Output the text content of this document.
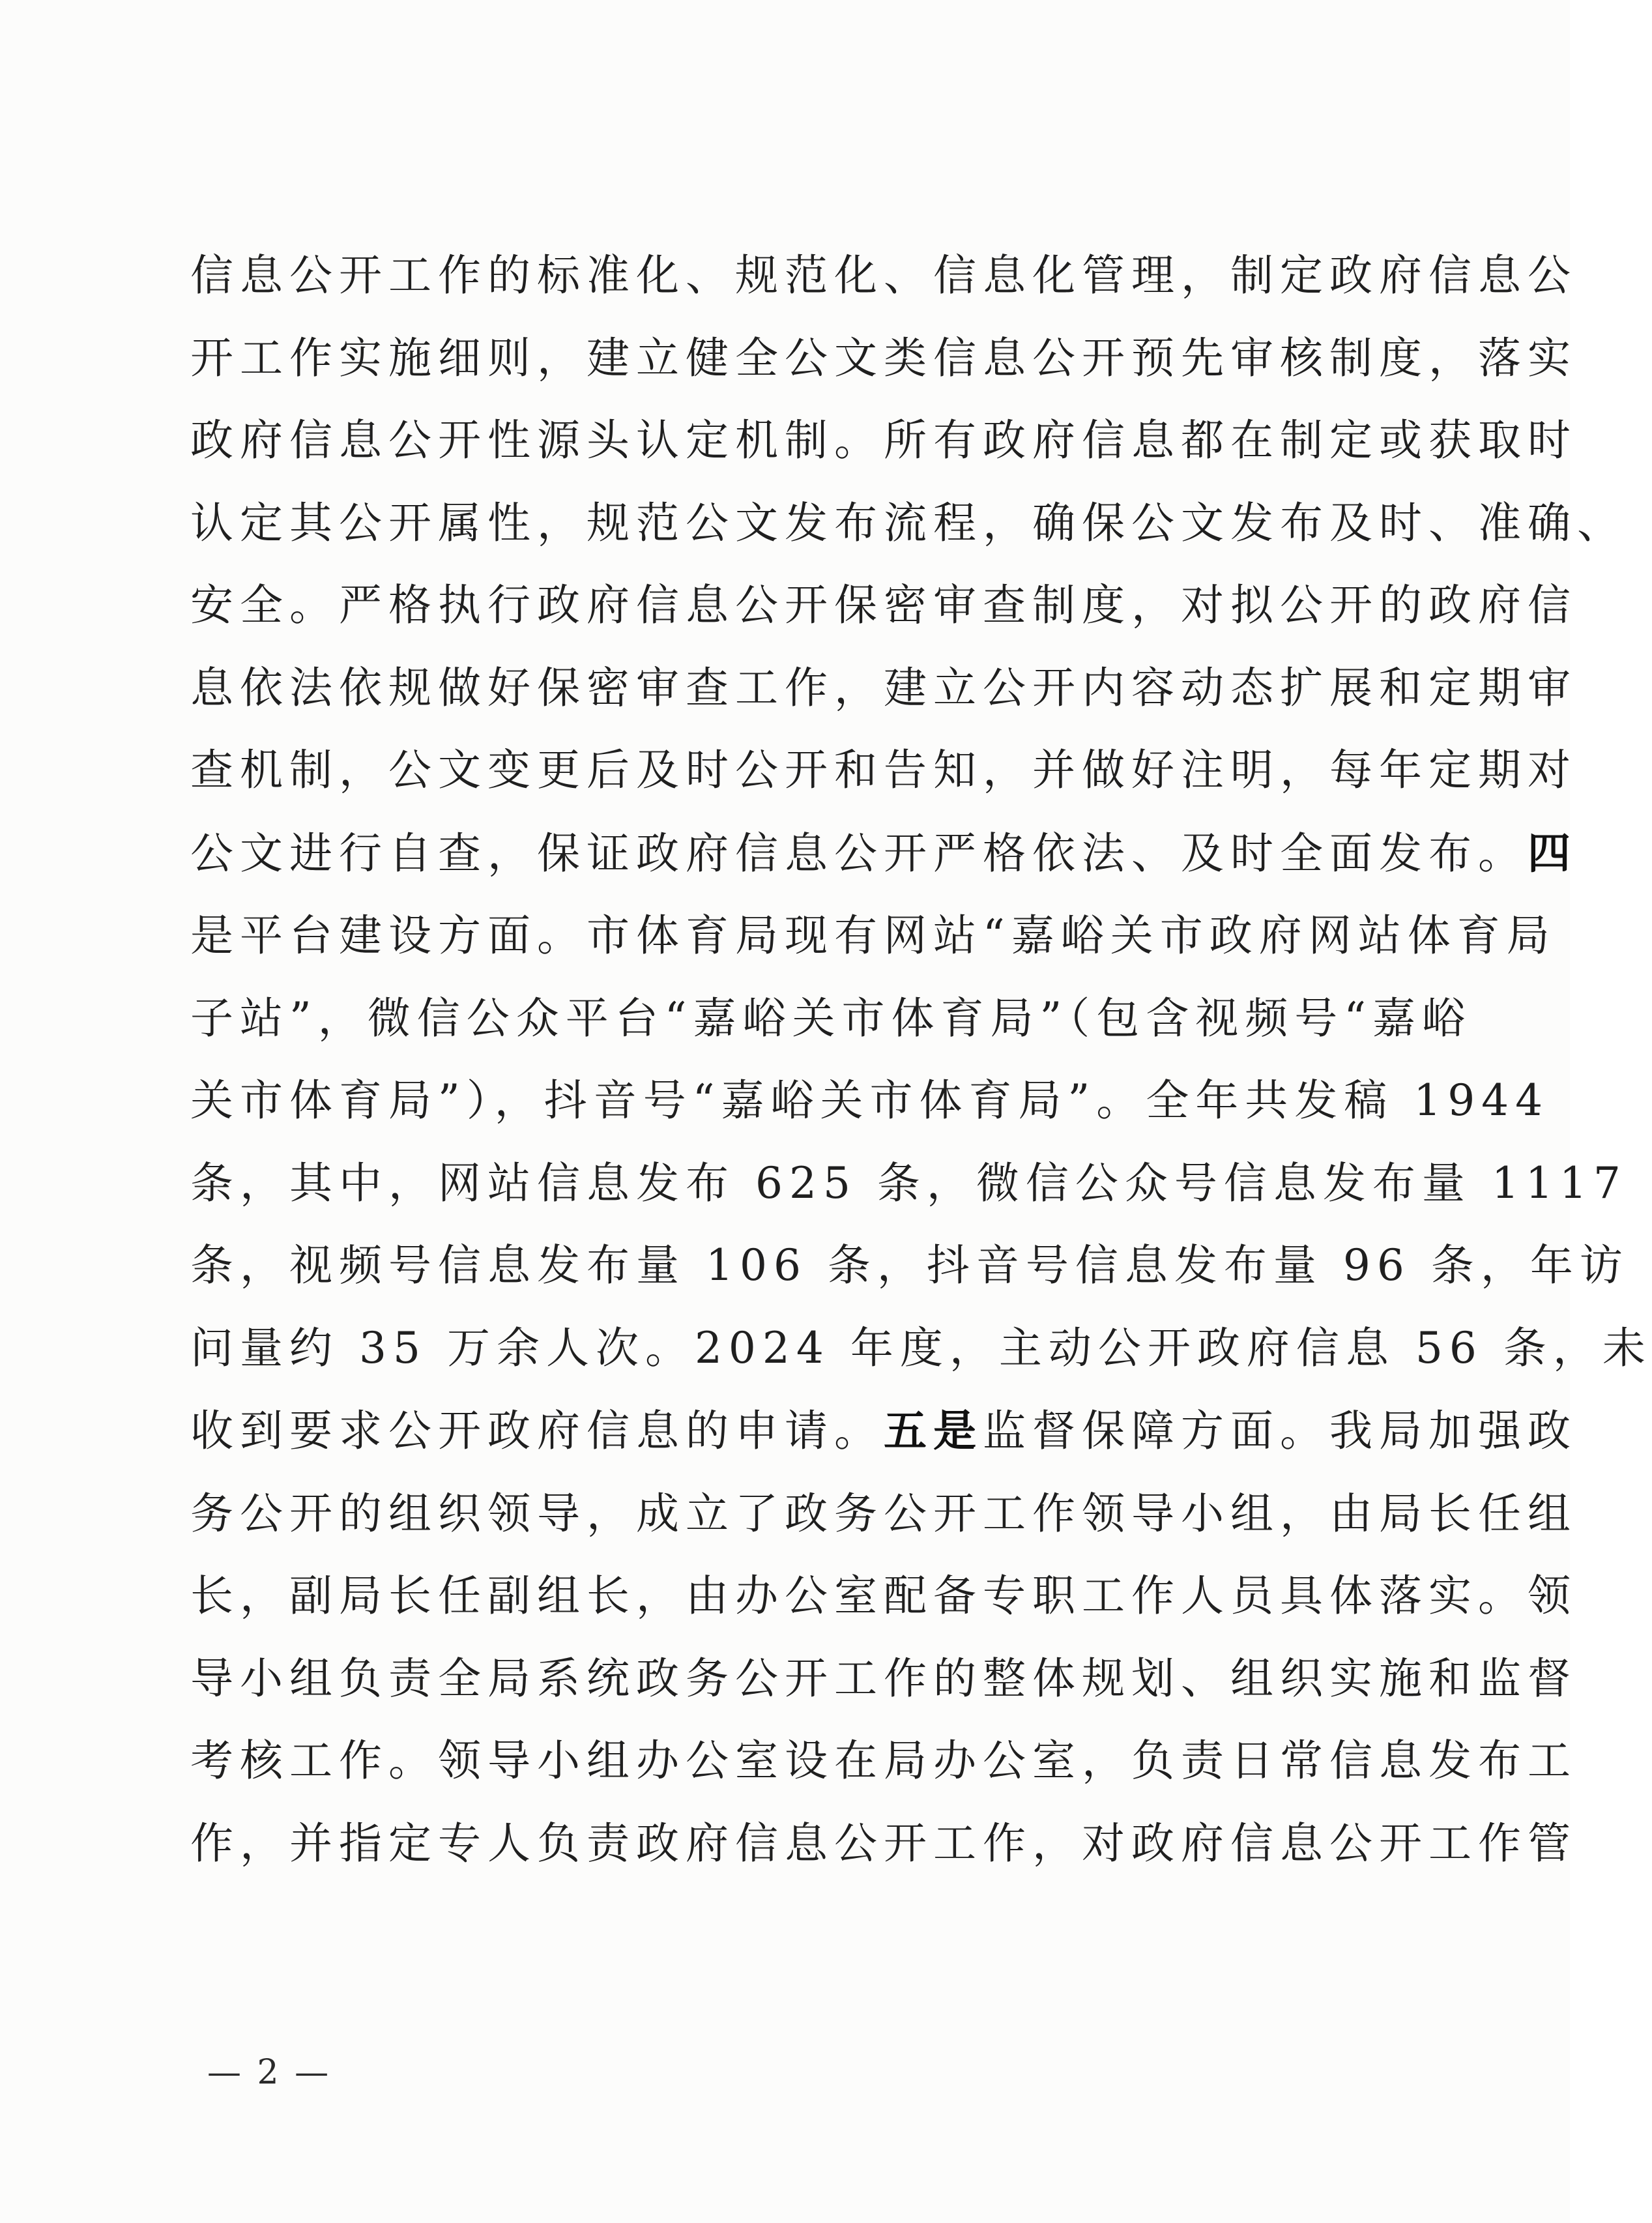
信息公开工作的标准化、规范化、信息化管理，制定政府信息公
开工作实施细则，建立健全公文类信息公开预先审核制度，落实
政府信息公开性源头认定机制。所有政府信息都在制定或获取时
认定其公开属性，规范公文发布流程，确保公文发布及时、准确、
安全。严格执行政府信息公开保密审查制度，对拟公开的政府信
息依法依规做好保密审查工作，建立公开内容动态扩展和定期审
查机制，公文变更后及时公开和告知，并做好注明，每年定期对
公文进行自查，保证政府信息公开严格依法、及时全面发布。四
是平台建设方面。市体育局现有网站“嘉峪关市政府网站体育局
子站”，微信公众平台“嘉峪关市体育局”（包含视频号“嘉峪
关市体育局”），抖音号“嘉峪关市体育局”。全年共发稿 1944
条，其中，网站信息发布 625 条，微信公众号信息发布量 1117
条，视频号信息发布量 106 条，抖音号信息发布量 96 条，年访
问量约 35 万余人次。2024 年度，主动公开政府信息 56 条，未
收到要求公开政府信息的申请。五是监督保障方面。我局加强政
务公开的组织领导，成立了政务公开工作领导小组，由局长任组
长，副局长任副组长，由办公室配备专职工作人员具体落实。领
导小组负责全局系统政务公开工作的整体规划、组织实施和监督
考核工作。领导小组办公室设在局办公室，负责日常信息发布工
作，并指定专人负责政府信息公开工作，对政府信息公开工作管
— 2 —
